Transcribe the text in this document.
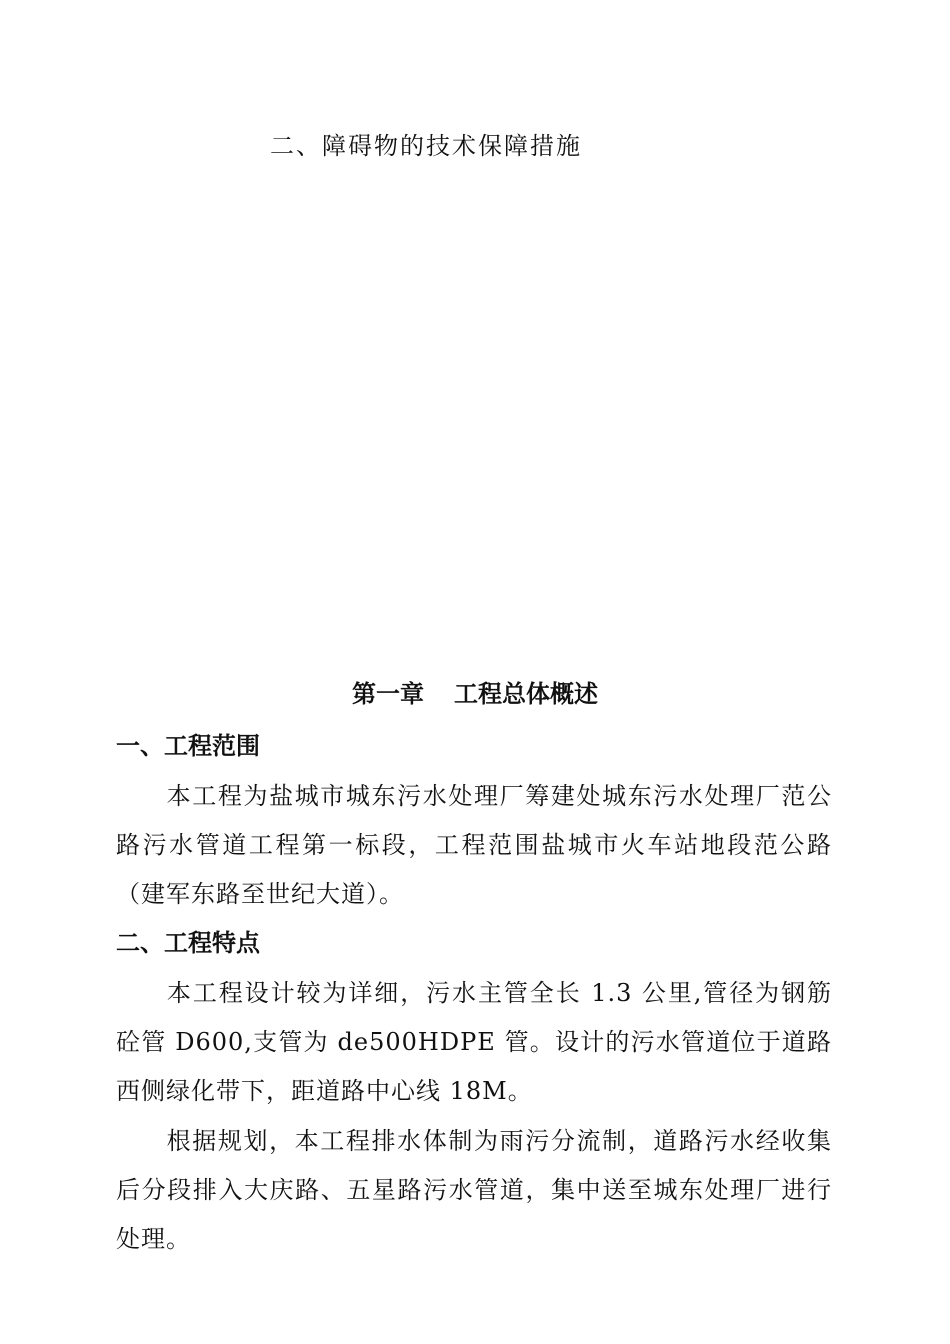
二、障碍物的技术保障措施
第一章 工程总体概述
一、工程范围
本工程为盐城市城东污水处理厂筹建处城东污水处理厂范公路污水管道工程第一标段，工程范围盐城市火车站地段范公路（建军东路至世纪大道）。
二、工程特点
本工程设计较为详细，污水主管全长 1.3 公里,管径为钢筋砼管 D600,支管为 de500HDPE 管。设计的污水管道位于道路西侧绿化带下，距道路中心线 18M。
根据规划，本工程排水体制为雨污分流制，道路污水经收集后分段排入大庆路、五星路污水管道，集中送至城东处理厂进行处理。
